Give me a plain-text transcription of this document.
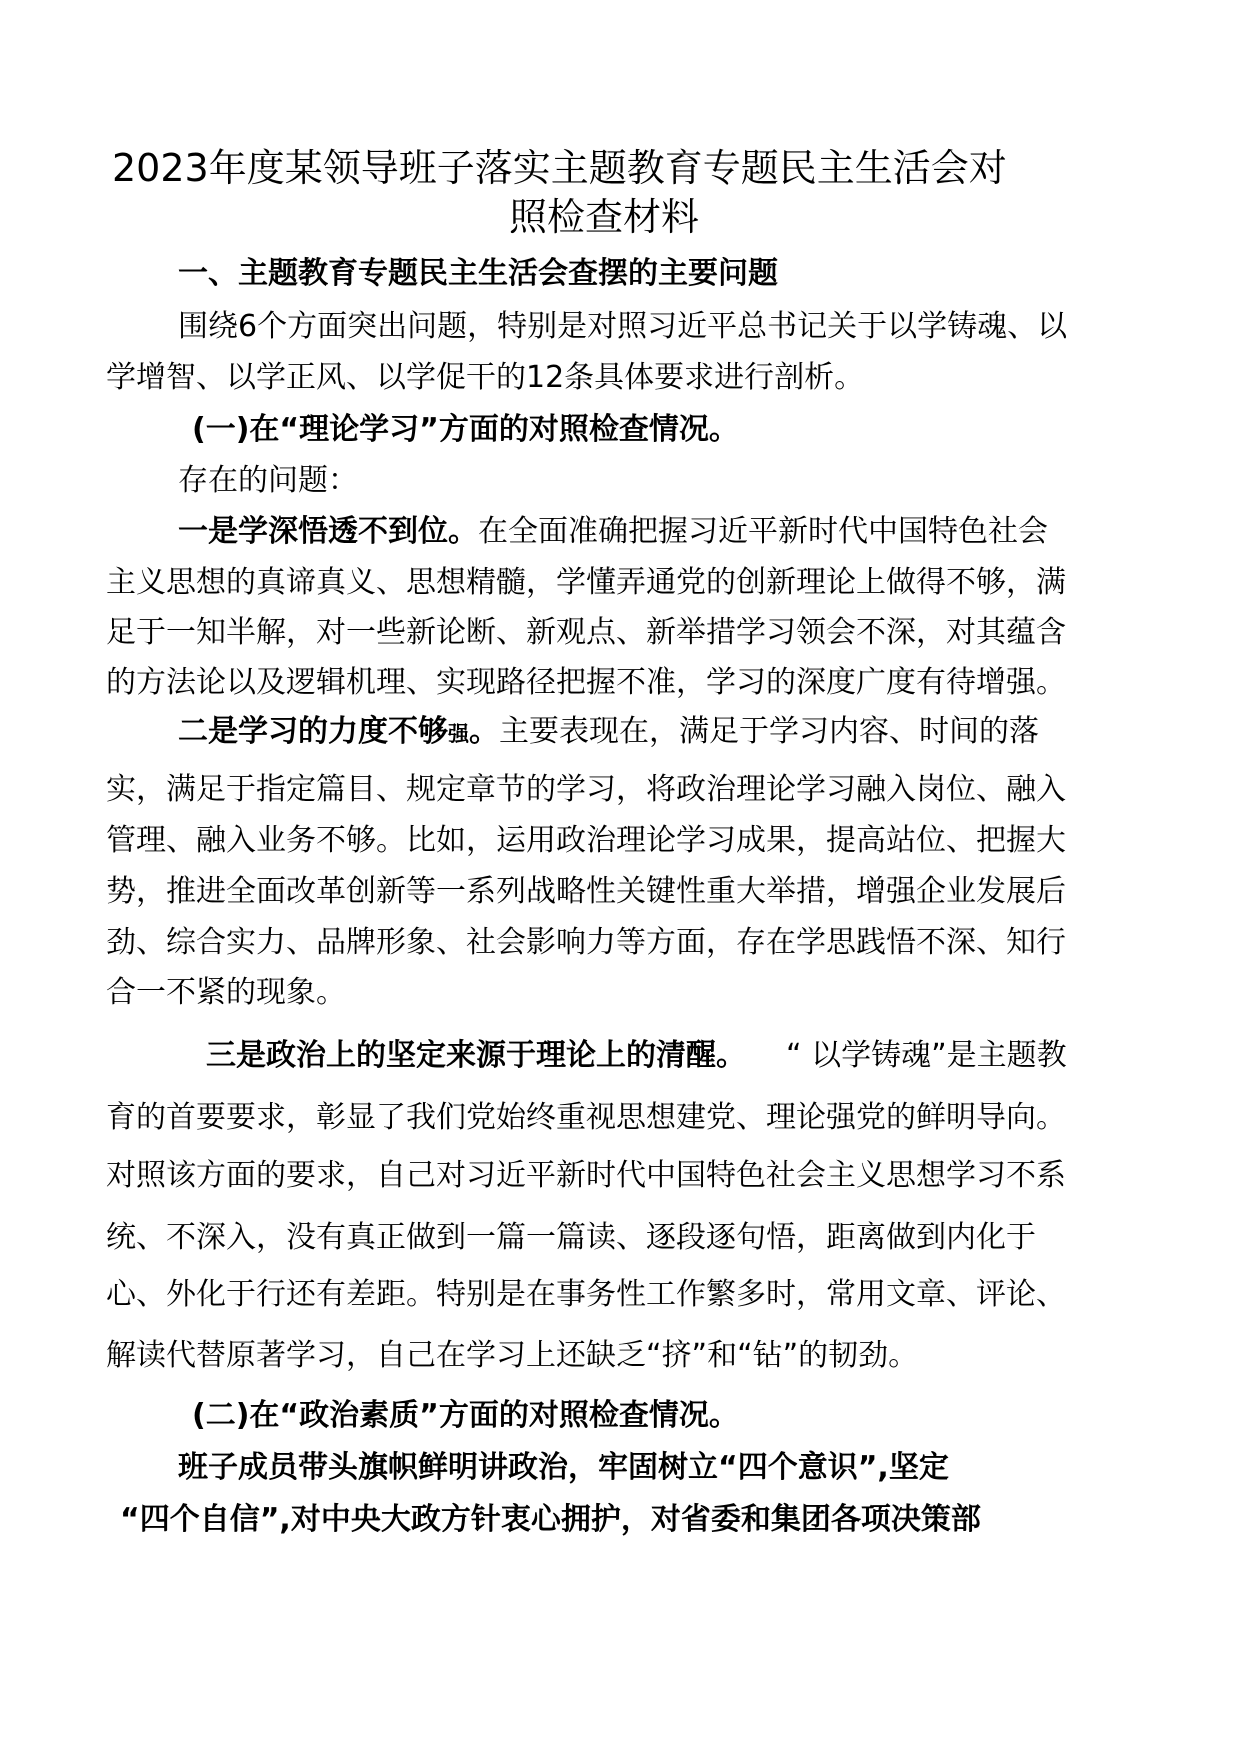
2023年度某领导班子落实主题教育专题民主生活会对
照检查材料
一、主题教育专题民主生活会查摆的主要问题
围绕6个方面突出问题，特别是对照习近平总书记关于以学铸魂、以
学增智、以学正风、以学促干的12条具体要求进行剖析。
(一)在“理论学习”方面的对照检查情况。
存在的问题：
一是学深悟透不到位。在全面准确把握习近平新时代中国特色社会
主义思想的真谛真义、思想精髓，学懂弄通党的创新理论上做得不够，满
足于一知半解，对一些新论断、新观点、新举措学习领会不深，对其蕴含
的方法论以及逻辑机理、实现路径把握不准，学习的深度广度有待增强。
二是学习的力度不够强。主要表现在，满足于学习内容、时间的落
实，满足于指定篇目、规定章节的学习，将政治理论学习融入岗位、融入
管理、融入业务不够。比如，运用政治理论学习成果，提高站位、把握大
势，推进全面改革创新等一系列战略性关键性重大举措，增强企业发展后
劲、综合实力、品牌形象、社会影响力等方面，存在学思践悟不深、知行
合一不紧的现象。
三是政治上的坚定来源于理论上的清醒。 “ 以学铸魂”是主题教
育的首要要求，彰显了我们党始终重视思想建党、理论强党的鲜明导向。
对照该方面的要求，自己对习近平新时代中国特色社会主义思想学习不系
统、不深入，没有真正做到一篇一篇读、逐段逐句悟，距离做到内化于
心、外化于行还有差距。特别是在事务性工作繁多时，常用文章、评论、
解读代替原著学习，自己在学习上还缺乏“挤”和“钻”的韧劲。
(二)在“政治素质”方面的对照检查情况。
班子成员带头旗帜鲜明讲政治，牢固树立“四个意识”,坚定
“四个自信”,对中央大政方针衷心拥护，对省委和集团各项决策部
